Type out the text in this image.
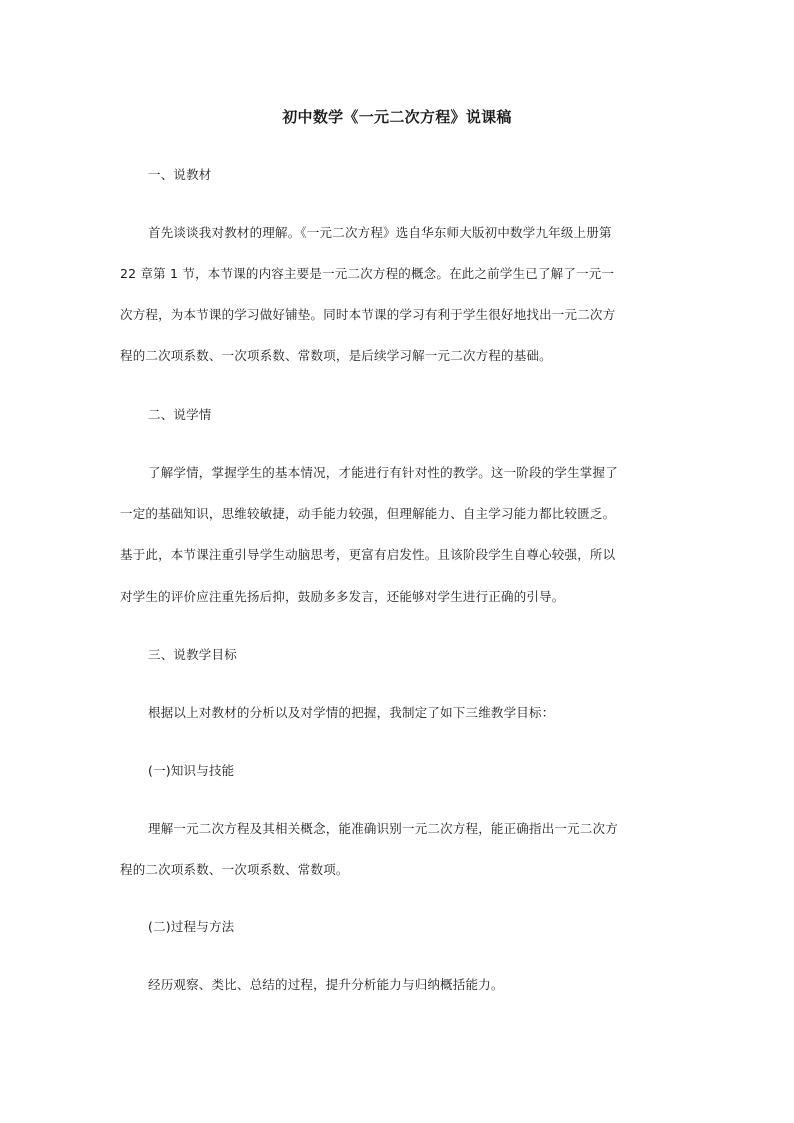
初中数学《一元二次方程》说课稿
一、说教材
首先谈谈我对教材的理解。《一元二次方程》选自华东师大版初中数学九年级上册第
22 章第 1 节，本节课的内容主要是一元二次方程的概念。在此之前学生已了解了一元一
次方程，为本节课的学习做好铺垫。同时本节课的学习有利于学生很好地找出一元二次方
程的二次项系数、一次项系数、常数项，是后续学习解一元二次方程的基础。
二、说学情
了解学情，掌握学生的基本情况，才能进行有针对性的教学。这一阶段的学生掌握了
一定的基础知识，思维较敏捷，动手能力较强，但理解能力、自主学习能力都比较匮乏。
基于此，本节课注重引导学生动脑思考，更富有启发性。且该阶段学生自尊心较强，所以
对学生的评价应注重先扬后抑，鼓励多多发言，还能够对学生进行正确的引导。
三、说教学目标
根据以上对教材的分析以及对学情的把握，我制定了如下三维教学目标：
(一)知识与技能
理解一元二次方程及其相关概念，能准确识别一元二次方程，能正确指出一元二次方
程的二次项系数、一次项系数、常数项。
(二)过程与方法
经历观察、类比、总结的过程，提升分析能力与归纳概括能力。
